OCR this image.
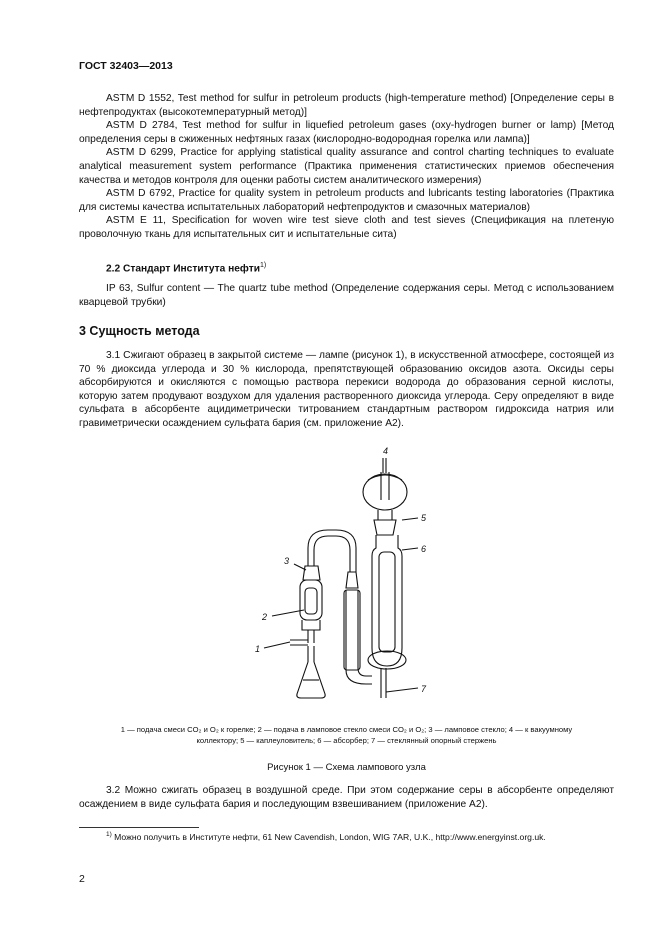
ГОСТ 32403—2013

ASTM D 1552, Test method for sulfur in petroleum products (high-temperature method) [Определение серы в нефтепродуктах (высокотемпературный метод)]

ASTM D 2784, Test method for sulfur in liquefied petroleum gases (oxy-hydrogen burner or lamp) [Метод определения серы в сжиженных нефтяных газах (кислородно-водородная горелка или лампа)]

ASTM D 6299, Practice for applying statistical quality assurance and control charting techniques to evaluate analytical measurement system performance (Практика применения статистических приемов обеспечения качества и методов контроля для оценки работы систем аналитического измерения)

ASTM D 6792, Practice for quality system in petroleum products and lubricants testing laboratories (Практика для системы качества испытательных лабораторий нефтепродуктов и смазочных материалов)

ASTM E 11, Specification for woven wire test sieve cloth and test sieves (Спецификация на плетеную проволочную ткань для испытательных сит и испытательные сита)

2.2 Стандарт Института нефти$^{1)}$

IP 63, Sulfur content — The quartz tube method (Определение содержания серы. Метод с использованием кварцевой трубки)

3 Сущность метода

3.1 Сжигают образец в закрытой системе — лампе (рисунок 1), в искусственной атмосфере, состоящей из 70 % диоксида углерода и 30 % кислорода, препятствующей образованию оксидов азота. Оксиды серы абсорбируются и окисляются с помощью раствора перекиси водорода до образования серной кислоты, которую затем продувают воздухом для удаления растворенного диоксида углерода. Серу определяют в виде сульфата в абсорбенте ацидиметрически титрованием стандартным раствором гидроксида натрия или гравиметрически осаждением сульфата бария (см. приложение А2).

4
5
6
3
2
1
7
1 — подача смеси CO₂ и O₂ к горелке; 2 — подача в ламповое стекло смеси CO₂ и O₂; 3 — ламповое стекло; 4 — к вакуумному
коллектору; 5 — каплеуловитель; 6 — абсорбер; 7 — стеклянный опорный стержень
Рисунок 1 — Схема лампового узла

3.2 Можно сжигать образец в воздушной среде. При этом содержание серы в абсорбенте определяют осаждением в виде сульфата бария и последующим взвешиванием (приложение А2).

$^{1)}$ Можно получить в Институте нефти, 61 New Cavendish, London, WIG 7AR, U.K., http://www.energyinst.org.uk.
2
